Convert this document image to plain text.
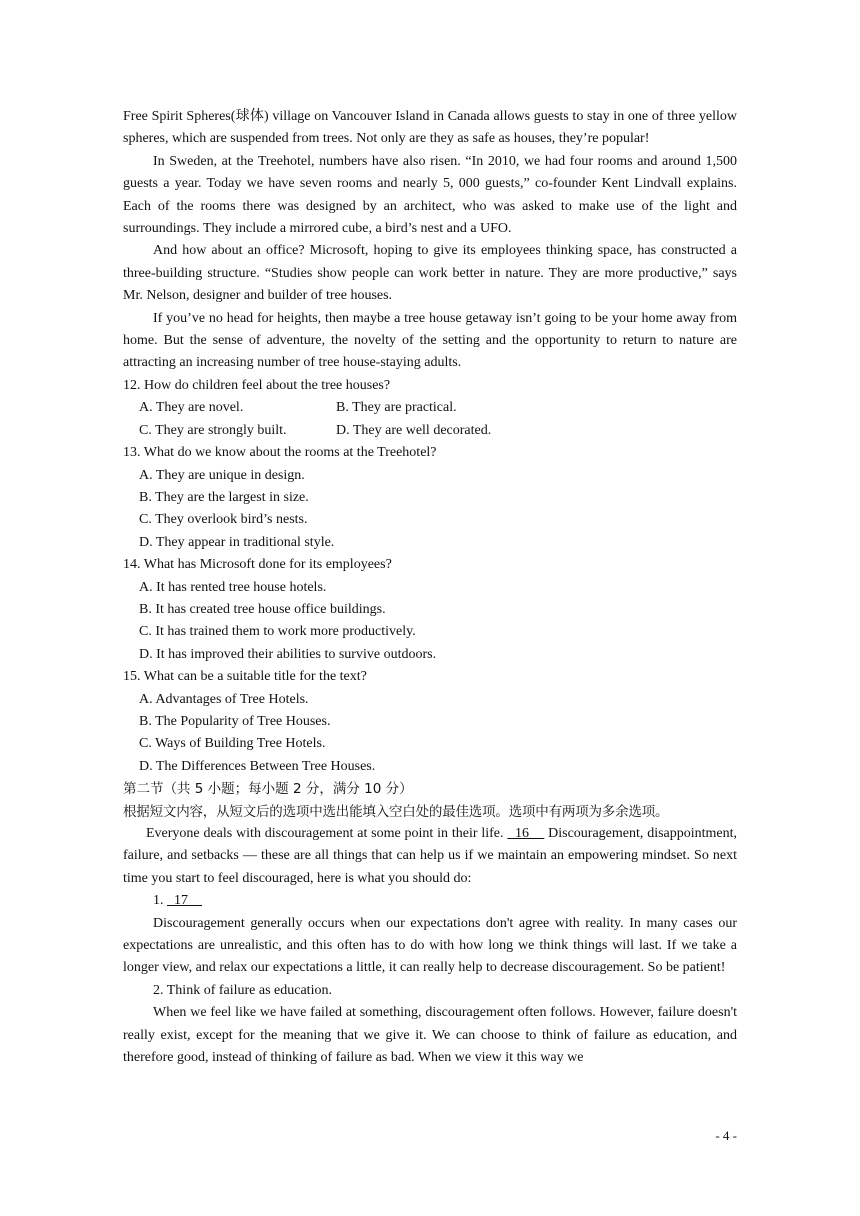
Free Spirit Spheres(球体) village on Vancouver Island in Canada allows guests to stay in one of three yellow spheres, which are suspended from trees. Not only are they as safe as houses, they’re popular!

In Sweden, at the Treehotel, numbers have also risen. “In 2010, we had four rooms and around 1,500 guests a year. Today we have seven rooms and nearly 5, 000 guests,” co-founder Kent Lindvall explains. Each of the rooms there was designed by an architect, who was asked to make use of the light and surroundings. They include a mirrored cube, a bird’s nest and a UFO.

And how about an office? Microsoft, hoping to give its employees thinking space, has constructed a three-building structure. “Studies show people can work better in nature. They are more productive,” says Mr. Nelson, designer and builder of tree houses.

If you’ve no head for heights, then maybe a tree house getaway isn’t going to be your home away from home. But the sense of adventure, the novelty of the setting and the opportunity to return to nature are attracting an increasing number of tree house-staying adults.

12. How do children feel about the tree houses?

A. They are novel.	B. They are practical.
C. They are strongly built.	D. They are well decorated.

13. What do we know about the rooms at the Treehotel?

A. They are unique in design.

B. They are the largest in size.

C. They overlook bird’s nests.

D. They appear in traditional style.

14. What has Microsoft done for its employees?

A. It has rented tree house hotels.

B. It has created tree house office buildings.

C. It has trained them to work more productively.

D. It has improved their abilities to survive outdoors.

15. What can be a suitable title for the text?

A. Advantages of Tree Hotels.

B. The Popularity of Tree Houses.

C. Ways of Building Tree Hotels.

D. The Differences Between Tree Houses.

第二节（共 5 小题；每小题 2 分，满分 10 分）

根据短文内容，从短文后的选项中选出能填入空白处的最佳选项。选项中有两项为多余选项。

Everyone deals with discouragement at some point in their life. 16 Discouragement, disappointment, failure, and setbacks — these are all things that can help us if we maintain an empowering mindset. So next time you start to feel discouraged, here is what you should do:

1. 17

Discouragement generally occurs when our expectations don't agree with reality. In many cases our expectations are unrealistic, and this often has to do with how long we think things will last. If we take a longer view, and relax our expectations a little, it can really help to decrease discouragement. So be patient!

2. Think of failure as education.

When we feel like we have failed at something, discouragement often follows. However, failure doesn't really exist, except for the meaning that we give it. We can choose to think of failure as education, and therefore good, instead of thinking of failure as bad. When we view it this way we

- 4 -
